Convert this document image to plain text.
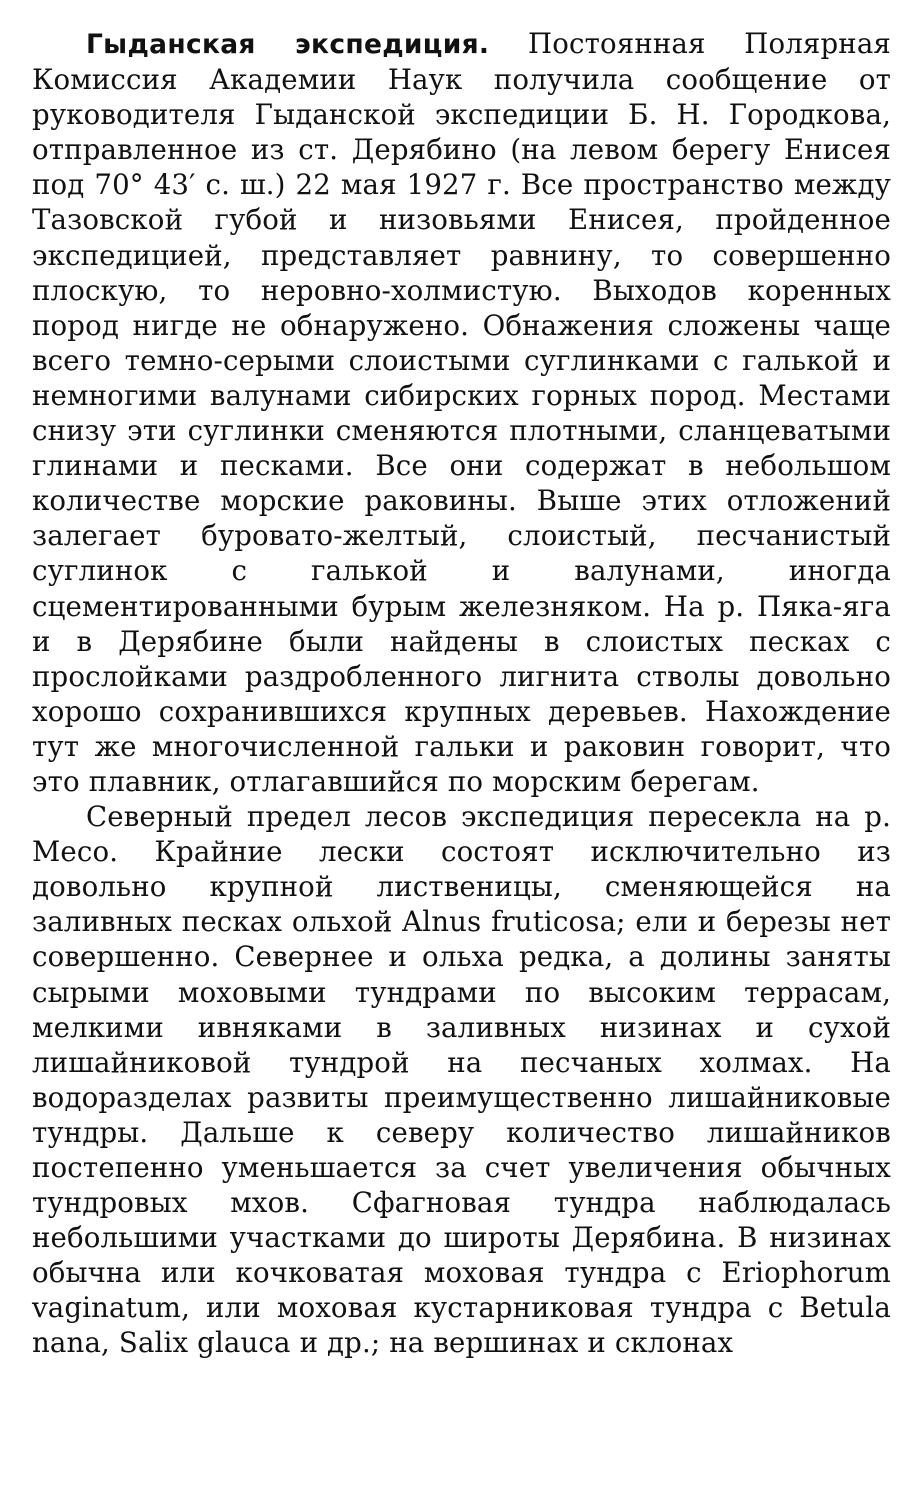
Гыданская экспедиция. Постоянная Полярная Комиссия Академии Наук получила сообщение от руководителя Гыданской экспедиции Б. Н. Городкова, отправленное из ст. Дерябино (на левом берегу Енисея под 70° 43′ с. ш.) 22 мая 1927 г. Все пространство между Тазовской губой и низовьями Енисея, пройденное экспедицией, представляет равнину, то совершенно плоскую, то неровно-холмистую. Выходов коренных пород нигде не обнаружено. Обнажения сложены чаще всего темно-серыми слоистыми суглинками с галькой и немногими валунами сибирских горных пород. Местами снизу эти суглинки сменяются плотными, сланцеватыми глинами и песками. Все они содержат в небольшом количестве морские раковины. Выше этих отложений залегает буровато-желтый, слоистый, песчанистый суглинок с галькой и валунами, иногда сцементированными бурым железняком. На р. Пяка-яга и в Дерябине были найдены в слоистых песках с прослойками раздробленного лигнита стволы довольно хорошо сохранившихся крупных деревьев. Нахождение тут же многочисленной гальки и раковин говорит, что это плавник, отлагавшийся по морским берегам.

Северный предел лесов экспедиция пересекла на р. Месо. Крайние лески состоят исключительно из довольно крупной лиственицы, сменяющейся на заливных песках ольхой Alnus fruticosa; ели и березы нет совершенно. Севернее и ольха редка, а долины заняты сырыми моховыми тундрами по высоким террасам, мелкими ивняками в заливных низинах и сухой лишайниковой тундрой на песчаных холмах. На водоразделах развиты преимущественно лишайниковые тундры. Дальше к северу количество лишайников постепенно уменьшается за счет увеличения обычных тундровых мхов. Сфагновая тундра наблюдалась небольшими участками до широты Дерябина. В низинах обычна или кочковатая моховая тундра с Eriophorum vaginatum, или моховая кустарниковая тундра с Betula nana, Salix glauca и др.; на вершинах и склонах
